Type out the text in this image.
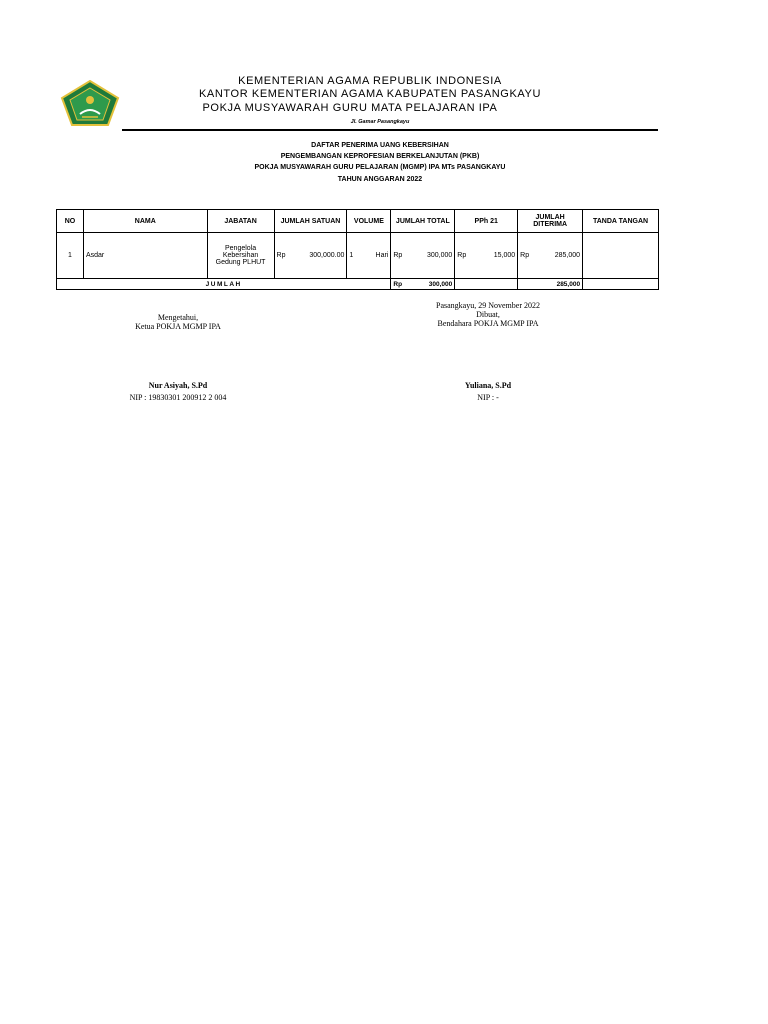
KEMENTERIAN AGAMA REPUBLIK INDONESIA
KANTOR KEMENTERIAN AGAMA KABUPATEN PASANGKAYU
POKJA MUSYAWARAH GURU MATA PELAJARAN IPA
Jl. Gamar Pasangkayu
DAFTAR PENERIMA UANG KEBERSIHAN
PENGEMBANGAN KEPROFESIAN BERKELANJUTAN (PKB)
POKJA MUSYAWARAH GURU PELAJARAN (MGMP) IPA MTs PASANGKAYU
TAHUN ANGGARAN 2022
NO	NAMA	JABATAN	JUMLAH SATUAN	VOLUME	JUMLAH TOTAL	PPh 21	JUMLAH DITERIMA	TANDA TANGAN
1	Asdar	Pengelola Kebersihan Gedung PLHUT	Rp 300,000.00	1 Hari	Rp 300,000	Rp 15,000	Rp 285,000	

JUMLAH					Rp 300,000		285,000	
Mengetahui,
Ketua POKJA MGMP IPA
Nur Asiyah, S.Pd
NIP : 19830301 200912 2 004
Pasangkayu, 29 November 2022
Dibuat,
Bendahara POKJA MGMP IPA
Yuliana, S.Pd
NIP : -
